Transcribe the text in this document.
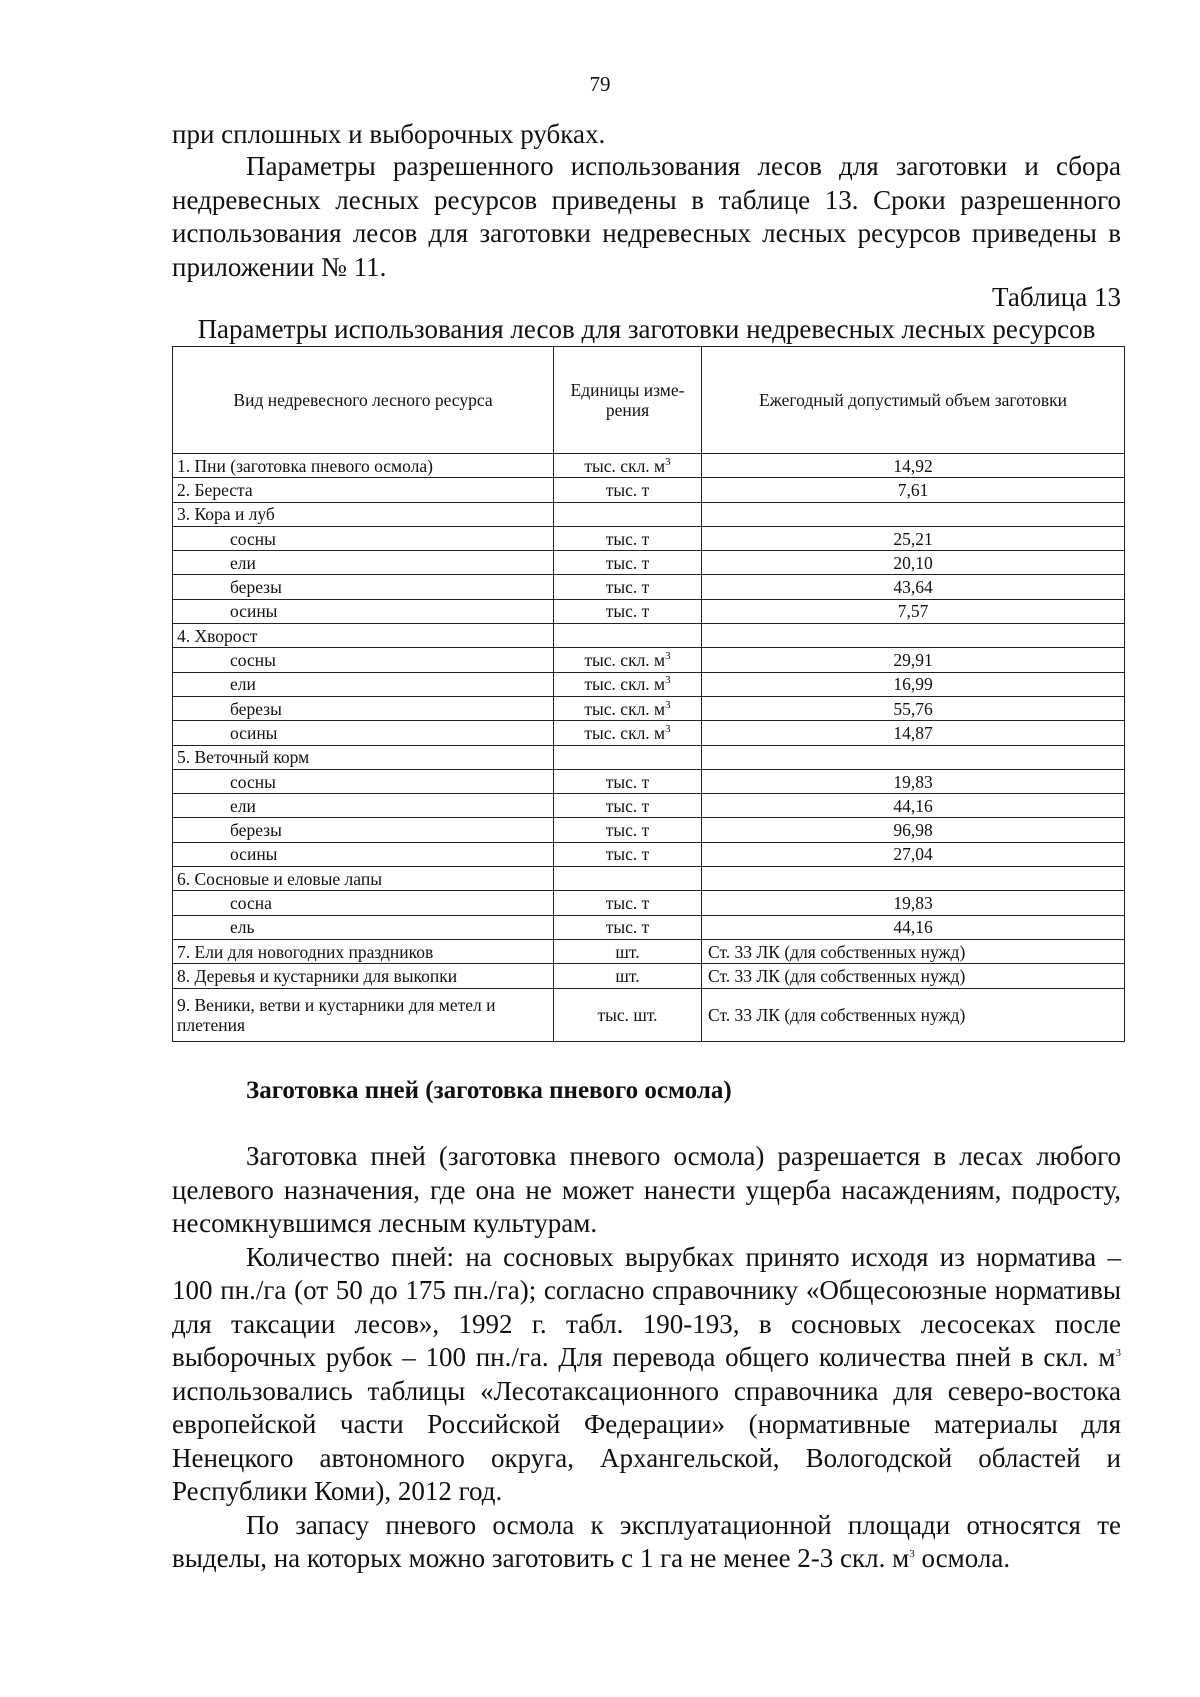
79

при сплошных и выборочных рубках.

Параметры разрешенного использования лесов для заготовки и сбора недревесных лесных ресурсов приведены в таблице 13. Сроки разрешенного использования лесов для заготовки недревесных лесных ресурсов приведены в приложении № 11.

Таблица 13
Параметры использования лесов для заготовки недревесных лесных ресурсов
Вид недревесного лесного ресурса	Единицы изме-рения	Ежегодный допустимый объем заготовки
1. Пни (заготовка пневого осмола)	тыс. скл. $м^3$	14,92
2. Береста	тыс. т	7,61
3. Кора и луб		
сосны	тыс. т	25,21
ели	тыс. т	20,10
березы	тыс. т	43,64
осины	тыс. т	7,57
4. Хворост		
сосны	тыс. скл. $м^3$	29,91
ели	тыс. скл. $м^3$	16,99
березы	тыс. скл. $м^3$	55,76
осины	тыс. скл. $м^3$	14,87
5. Веточный корм		
сосны	тыс. т	19,83
ели	тыс. т	44,16
березы	тыс. т	96,98
осины	тыс. т	27,04
6. Сосновые и еловые лапы		
сосна	тыс. т	19,83
ель	тыс. т	44,16
7. Ели для новогодних праздников	шт.	Ст. 33 ЛК (для собственных нужд)
8. Деревья и кустарники для выкопки	шт.	Ст. 33 ЛК (для собственных нужд)
9. Веники, ветви и кустарники для метел и плетения	тыс. шт.	Ст. 33 ЛК (для собственных нужд)
Заготовка пней (заготовка пневого осмола)

Заготовка пней (заготовка пневого осмола) разрешается в лесах любого целевого назначения, где она не может нанести ущерба насаждениям, подросту, несомкнувшимся лесным культурам.

Количество пней: на сосновых вырубках принято исходя из норматива – 100 пн./га (от 50 до 175 пн./га); согласно справочнику «Общесоюзные нормативы для таксации лесов», 1992 г. табл. 190-193, в сосновых лесосеках после выборочных рубок – 100 пн./га. Для перевода общего количества пней в скл. $м^3$ использовались таблицы «Лесотаксационного справочника для северо-востока европейской части Российской Федерации» (нормативные материалы для Ненецкого автономного округа, Архангельской, Вологодской областей и Республики Коми), 2012 год.

По запасу пневого осмола к эксплуатационной площади относятся те выделы, на которых можно заготовить с 1 га не менее 2-3 скл. $м^3$ осмола.
